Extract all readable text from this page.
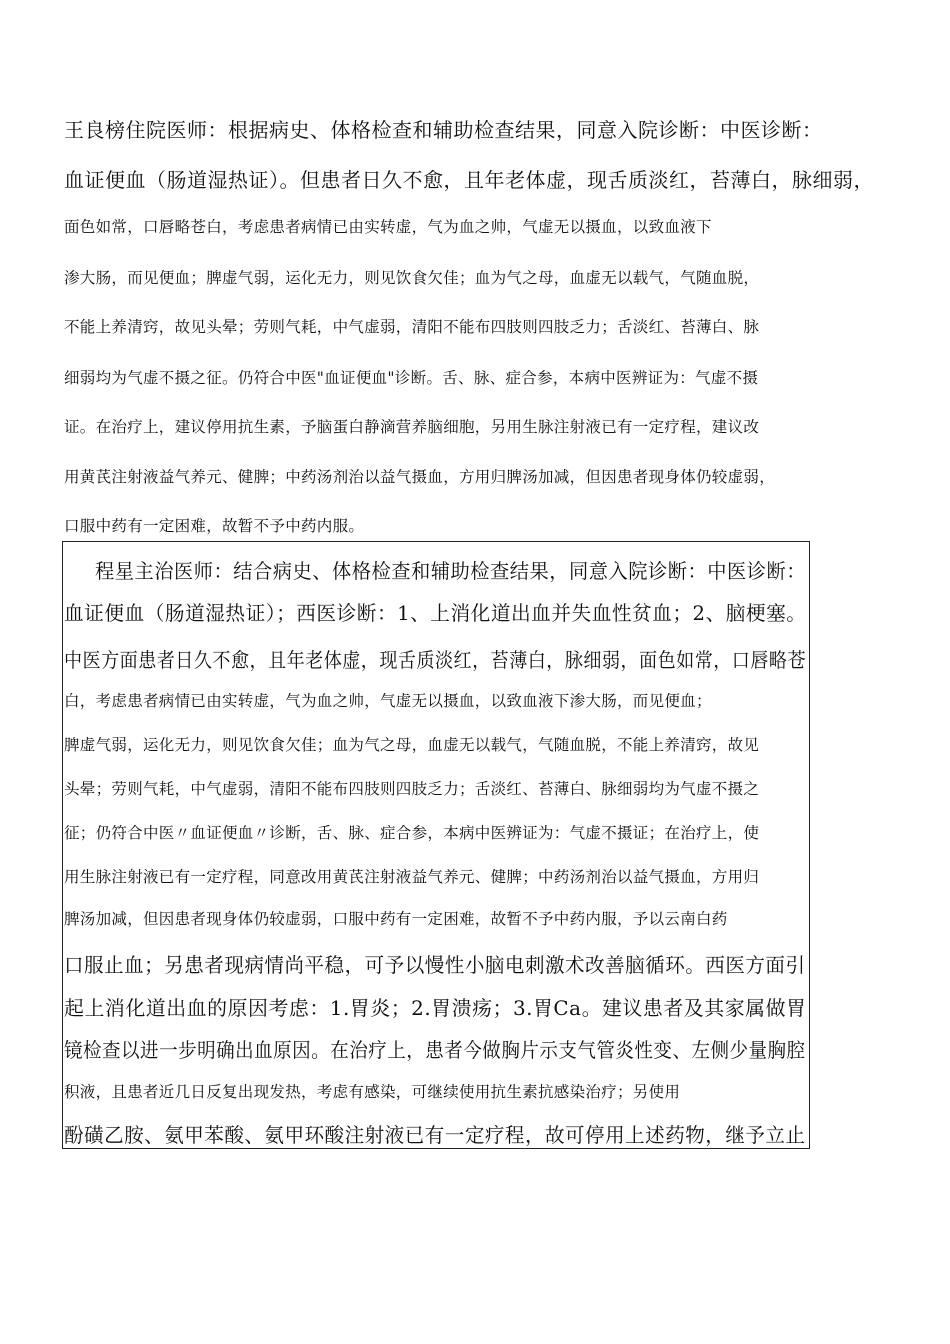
王良榜住院医师：根据病史、体格检查和辅助检查结果，同意入院诊断：中医诊断：
血证便血（肠道湿热证）。但患者日久不愈，且年老体虚，现舌质淡红，苔薄白，脉细弱，
面色如常，口唇略苍白，考虑患者病情已由实转虚，气为血之帅，气虚无以摄血，以致血液下
渗大肠，而见便血；脾虚气弱，运化无力，则见饮食欠佳；血为气之母，血虚无以载气，气随血脱，
不能上养清窍，故见头晕；劳则气耗，中气虚弱，清阳不能布四肢则四肢乏力；舌淡红、苔薄白、脉
细弱均为气虚不摄之征。仍符合中医"血证便血"诊断。舌、脉、症合参，本病中医辨证为：气虚不摄
证。在治疗上，建议停用抗生素，予脑蛋白静滴营养脑细胞，另用生脉注射液已有一定疗程，建议改
用黄芪注射液益气养元、健脾；中药汤剂治以益气摄血，方用归脾汤加减，但因患者现身体仍较虚弱，
口服中药有一定困难，故暂不予中药内服。
程星主治医师：结合病史、体格检查和辅助检查结果，同意入院诊断：中医诊断：
血证便血（肠道湿热证）；西医诊断：1、上消化道出血并失血性贫血；2、脑梗塞。
中医方面患者日久不愈，且年老体虚，现舌质淡红，苔薄白，脉细弱，面色如常，口唇略苍
白，考虑患者病情已由实转虚，气为血之帅，气虚无以摄血，以致血液下渗大肠，而见便血；
脾虚气弱，运化无力，则见饮食欠佳；血为气之母，血虚无以载气，气随血脱，不能上养清窍，故见
头晕；劳则气耗，中气虚弱，清阳不能布四肢则四肢乏力；舌淡红、苔薄白、脉细弱均为气虚不摄之
征；仍符合中医〃血证便血〃诊断，舌、脉、症合参，本病中医辨证为：气虚不摄证；在治疗上，使
用生脉注射液已有一定疗程，同意改用黄芪注射液益气养元、健脾；中药汤剂治以益气摄血，方用归
脾汤加减，但因患者现身体仍较虚弱，口服中药有一定困难，故暂不予中药内服，予以云南白药
口服止血；另患者现病情尚平稳，可予以慢性小脑电刺激术改善脑循环。西医方面引
起上消化道出血的原因考虑：1.胃炎；2.胃溃疡；3.胃Ca。建议患者及其家属做胃
镜检查以进一步明确出血原因。在治疗上，患者今做胸片示支气管炎性变、左侧少量胸腔
积液，且患者近几日反复出现发热，考虑有感染，可继续使用抗生素抗感染治疗；另使用
酚磺乙胺、氨甲苯酸、氨甲环酸注射液已有一定疗程，故可停用上述药物，继予立止
